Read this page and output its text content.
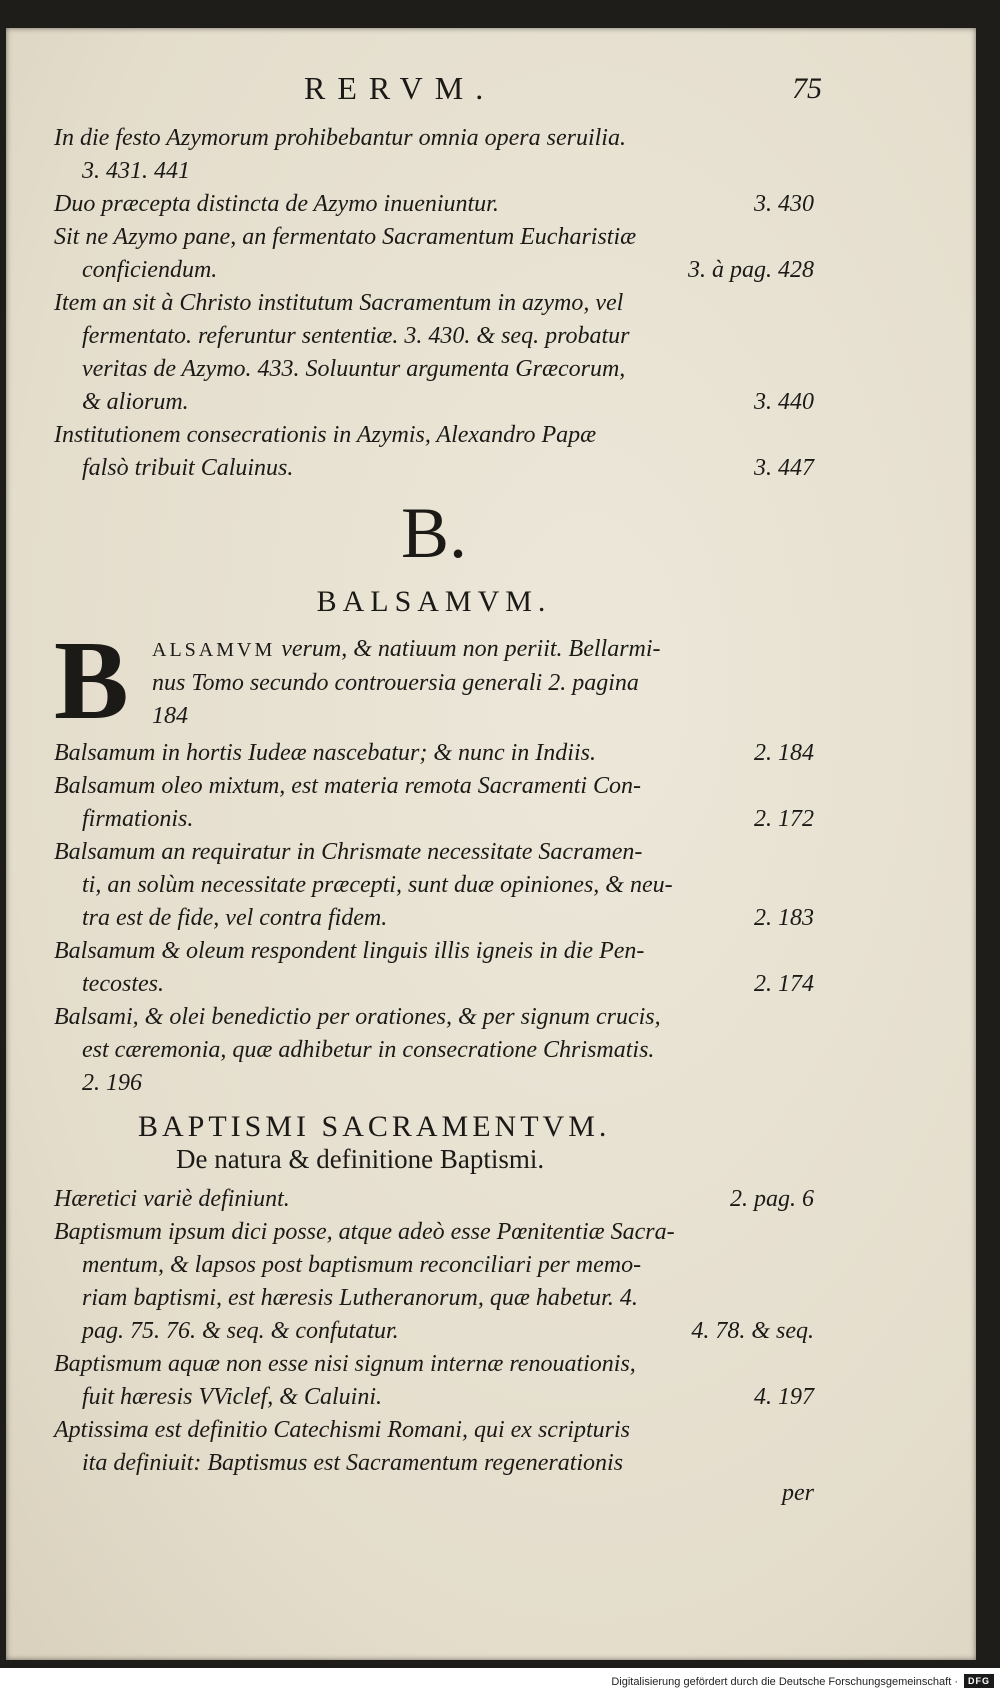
RERVM.	75
In die festo Azymorum prohibebantur omnia opera seruilia.
3. 431. 441
Duo præcepta distincta de Azymo inueniuntur.	3. 430
Sit ne Azymo pane, an fermentato Sacramentum Eucharistiæ
conficiendum.	3. à pag. 428
Item an sit à Christo institutum Sacramentum in azymo, vel
fermentato. referuntur sententiæ. 3. 430. & seq. probatur
veritas de Azymo. 433. Soluuntur argumenta Græcorum,
& aliorum.	3. 440
Institutionem consecrationis in Azymis, Alexandro Papæ
falsò tribuit Caluinus.	3. 447
B.
BALSAMVM.
B ALSAMVM verum, & natiuum non periit. Bellarmi-
nus Tomo secundo controuersia generali 2. pagina
184
Balsamum in hortis Iudeæ nascebatur; & nunc in Indiis.	2. 184
Balsamum oleo mixtum, est materia remota Sacramenti Con-
firmationis.	2. 172
Balsamum an requiratur in Chrismate necessitate Sacramen-
ti, an solùm necessitate præcepti, sunt duæ opiniones, & neu-
tra est de fide, vel contra fidem.	2. 183
Balsamum & oleum respondent linguis illis igneis in die Pen-
tecostes.	2. 174
Balsami, & olei benedictio per orationes, & per signum crucis,
est cæremonia, quæ adhibetur in consecratione Chrismatis.
2. 196
BAPTISMI SACRAMENTVM.
De natura & definitione Baptismi.
Hæretici variè definiunt.	2. pag. 6
Baptismum ipsum dici posse, atque adeò esse Pœnitentiæ Sacra-
mentum, & lapsos post baptismum reconciliari per memo-
riam baptismi, est hæresis Lutheranorum, quæ habetur. 4.
pag. 75. 76. & seq. & confutatur.	4. 78. & seq.
Baptismum aquæ non esse nisi signum internæ renouationis,
fuit hæresis VViclef, & Caluini.	4. 197
Aptissima est definitio Catechismi Romani, qui ex scripturis
ita definiuit: Baptismus est Sacramentum regenerationis
per
Digitalisierung gefördert durch die Deutsche Forschungsgemeinschaft ·	DFG
